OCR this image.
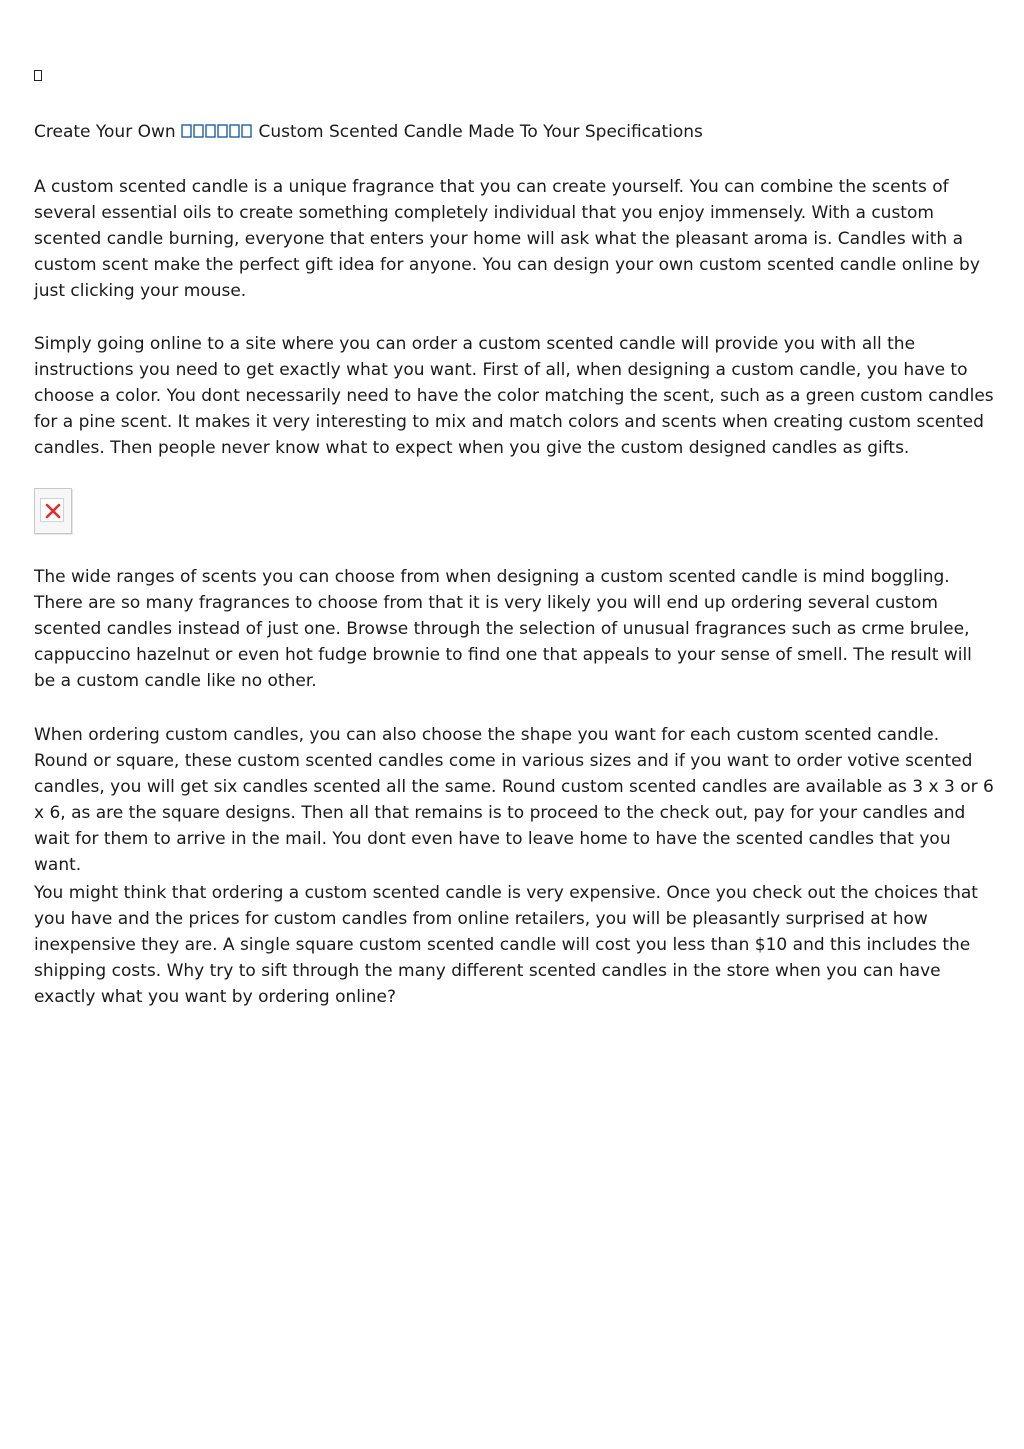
Create Your Own	Custom Scented Candle Made To Your Specifications

A custom scented candle is a unique fragrance that you can create yourself. You can combine the scents of several essential oils to create something completely individual that you enjoy immensely. With a custom scented candle burning, everyone that enters your home will ask what the pleasant aroma is. Candles with a custom scent make the perfect gift idea for anyone. You can design your own custom scented candle online by just clicking your mouse.

Simply going online to a site where you can order a custom scented candle will provide you with all the instructions you need to get exactly what you want. First of all, when designing a custom candle, you have to choose a color. You dont necessarily need to have the color matching the scent, such as a green custom candles for a pine scent. It makes it very interesting to mix and match colors and scents when creating custom scented candles. Then people never know what to expect when you give the custom designed candles as gifts.

The wide ranges of scents you can choose from when designing a custom scented candle is mind boggling. There are so many fragrances to choose from that it is very likely you will end up ordering several custom scented candles instead of just one. Browse through the selection of unusual fragrances such as crme brulee, cappuccino hazelnut or even hot fudge brownie to find one that appeals to your sense of smell. The result will be a custom candle like no other.

When ordering custom candles, you can also choose the shape you want for each custom scented candle. Round or square, these custom scented candles come in various sizes and if you want to order votive scented candles, you will get six candles scented all the same. Round custom scented candles are available as 3 x 3 or 6 x 6, as are the square designs. Then all that remains is to proceed to the check out, pay for your candles and wait for them to arrive in the mail. You dont even have to leave home to have the scented candles that you want.

You might think that ordering a custom scented candle is very expensive. Once you check out the choices that you have and the prices for custom candles from online retailers, you will be pleasantly surprised at how inexpensive they are. A single square custom scented candle will cost you less than $10 and this includes the shipping costs. Why try to sift through the many different scented candles in the store when you can have exactly what you want by ordering online?
